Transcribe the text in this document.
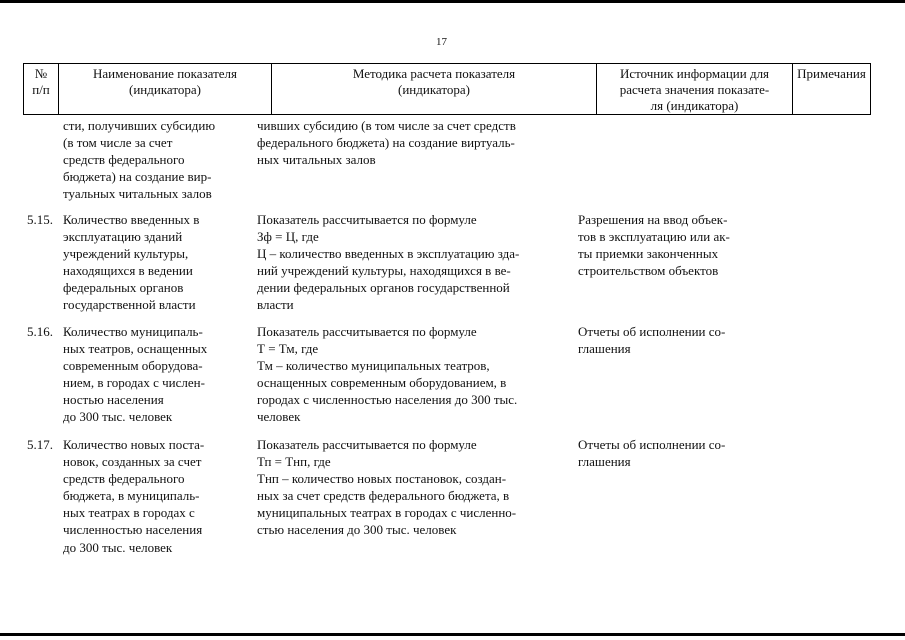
17
№
п/п
Наименование показателя
(индикатора)
Методика расчета показателя
(индикатора)
Источник информации для
расчета значения показате-
ля (индикатора)
Примечания
сти, получивших субсидию
(в том числе за счет
средств федерального
бюджета) на создание вир-
туальных читальных залов
чивших субсидию (в том числе за счет средств
федерального бюджета) на создание виртуаль-
ных читальных залов
5.15. Количество введенных в
эксплуатацию зданий
учреждений культуры,
находящихся в ведении
федеральных органов
государственной власти
Показатель рассчитывается по формуле
Зф = Ц, где
Ц – количество введенных в эксплуатацию зда-
ний учреждений культуры, находящихся в ве-
дении федеральных органов государственной
власти
Разрешения на ввод объек-
тов в эксплуатацию или ак-
ты приемки законченных
строительством объектов
5.16. Количество муниципаль-
ных театров, оснащенных
современным оборудова-
нием, в городах с числен-
ностью населения
до 300 тыс. человек
Показатель рассчитывается по формуле
Т = Тм, где
Тм – количество муниципальных театров,
оснащенных современным оборудованием, в
городах с численностью населения до 300 тыс.
человек
Отчеты об исполнении со-
глашения
5.17. Количество новых поста-
новок, созданных за счет
средств федерального
бюджета, в муниципаль-
ных театрах в городах с
численностью населения
до 300 тыс. человек
Показатель рассчитывается по формуле
Тп = Тнп, где
Тнп – количество новых постановок, создан-
ных за счет средств федерального бюджета, в
муниципальных театрах в городах с численно-
стью населения до 300 тыс. человек
Отчеты об исполнении со-
глашения
